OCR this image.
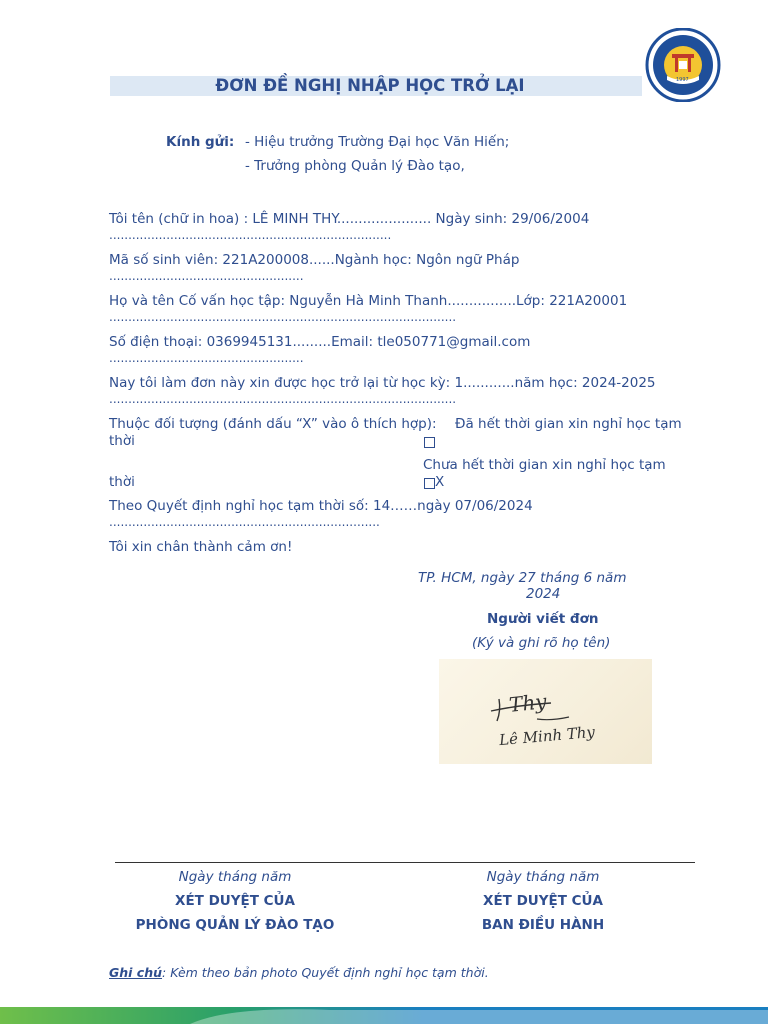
1997
ĐƠN ĐỀ NGHỊ NHẬP HỌC TRỞ LẠI
Kính gửi: - Hiệu trưởng Trường Đại học Văn Hiến;
- Trưởng phòng Quản lý Đào tạo,
Tôi tên (chữ in hoa) : LÊ MINH THY...................... Ngày sinh: 29/06/2004
..........................................................................
Mã số sinh viên: 221A200008......Ngành học: Ngôn ngữ Pháp
...................................................
Họ và tên Cố vấn học tập: Nguyễn Hà Minh Thanh................Lớp: 221A20001
...........................................................................................
Số điện thoại: 0369945131.........Email: tle050771@gmail.com
...................................................
Nay tôi làm đơn này xin được học trở lại từ học kỳ: 1............năm học: 2024-2025
...........................................................................................
Thuộc đối tượng (đánh dấu “X” vào ô thích hợp): Đã hết thời gian xin nghỉ học tạm
thời
Chưa hết thời gian xin nghỉ học tạm
thời	X
Theo Quyết định nghỉ học tạm thời số: 14……ngày 07/06/2024
.......................................................................
Tôi xin chân thành cảm ơn!
TP. HCM, ngày 27 tháng 6 năm
2024
Người viết đơn
(Ký và ghi rõ họ tên)
Thy
Lê Minh Thy
Ngày tháng năm
XÉT DUYỆT CỦA
PHÒNG QUẢN LÝ ĐÀO TẠO
Ngày tháng năm
XÉT DUYỆT CỦA
BAN ĐIỀU HÀNH
Ghi chú: Kèm theo bản photo Quyết định nghỉ học tạm thời.
